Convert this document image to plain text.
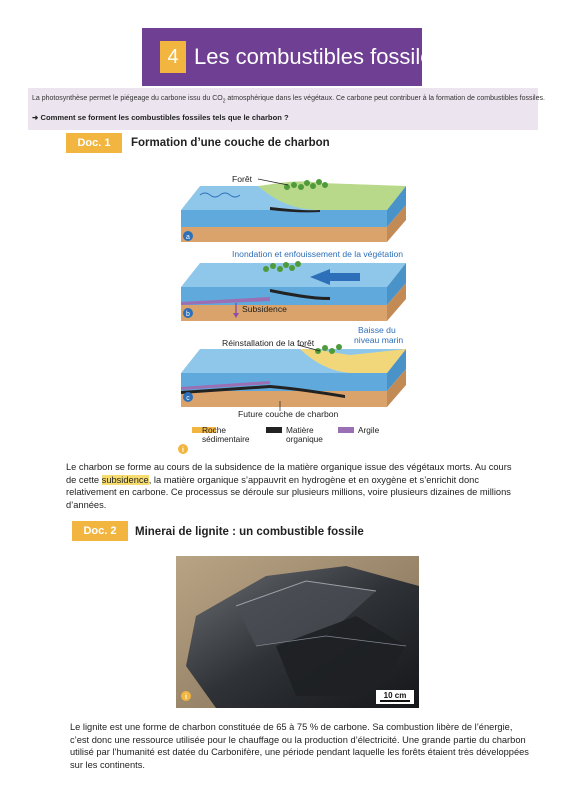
4 Les combustibles fossiles
La photosynthèse permet le piégeage du carbone issu du $CO_2$ atmosphérique dans les végétaux. Ce carbone peut contribuer à la formation de combustibles fossiles.
➜ Comment se forment les combustibles fossiles tels que le charbon ?
Doc. 1	Formation d’une couche de charbon
Forêt
a
Inondation et enfouissement de la végétation
Subsidence
b
Baisse du
niveau marin
Réinstallation de la forêt
Future couche de charbon
c
Roche
sédimentaire
Matière
organique
Argile
i
Le charbon se forme au cours de la subsidence de la matière organique issue des végétaux morts. Au cours de cette subsidence, la matière organique s’appauvrit en hydrogène et en oxygène et s’enrichit donc relativement en carbone. Ce processus se déroule sur plusieurs millions, voire plusieurs dizaines de millions d’années.
Doc. 2	Minerai de lignite : un combustible fossile
10 cm
i
Le lignite est une forme de charbon constituée de 65 à 75 % de carbone. Sa combustion libère de l’énergie, c’est donc une ressource utilisée pour le chauffage ou la production d’électricité. Une grande partie du charbon utilisé par l’humanité est datée du Carbonifère, une période pendant laquelle les forêts étaient très développées sur les continents.
